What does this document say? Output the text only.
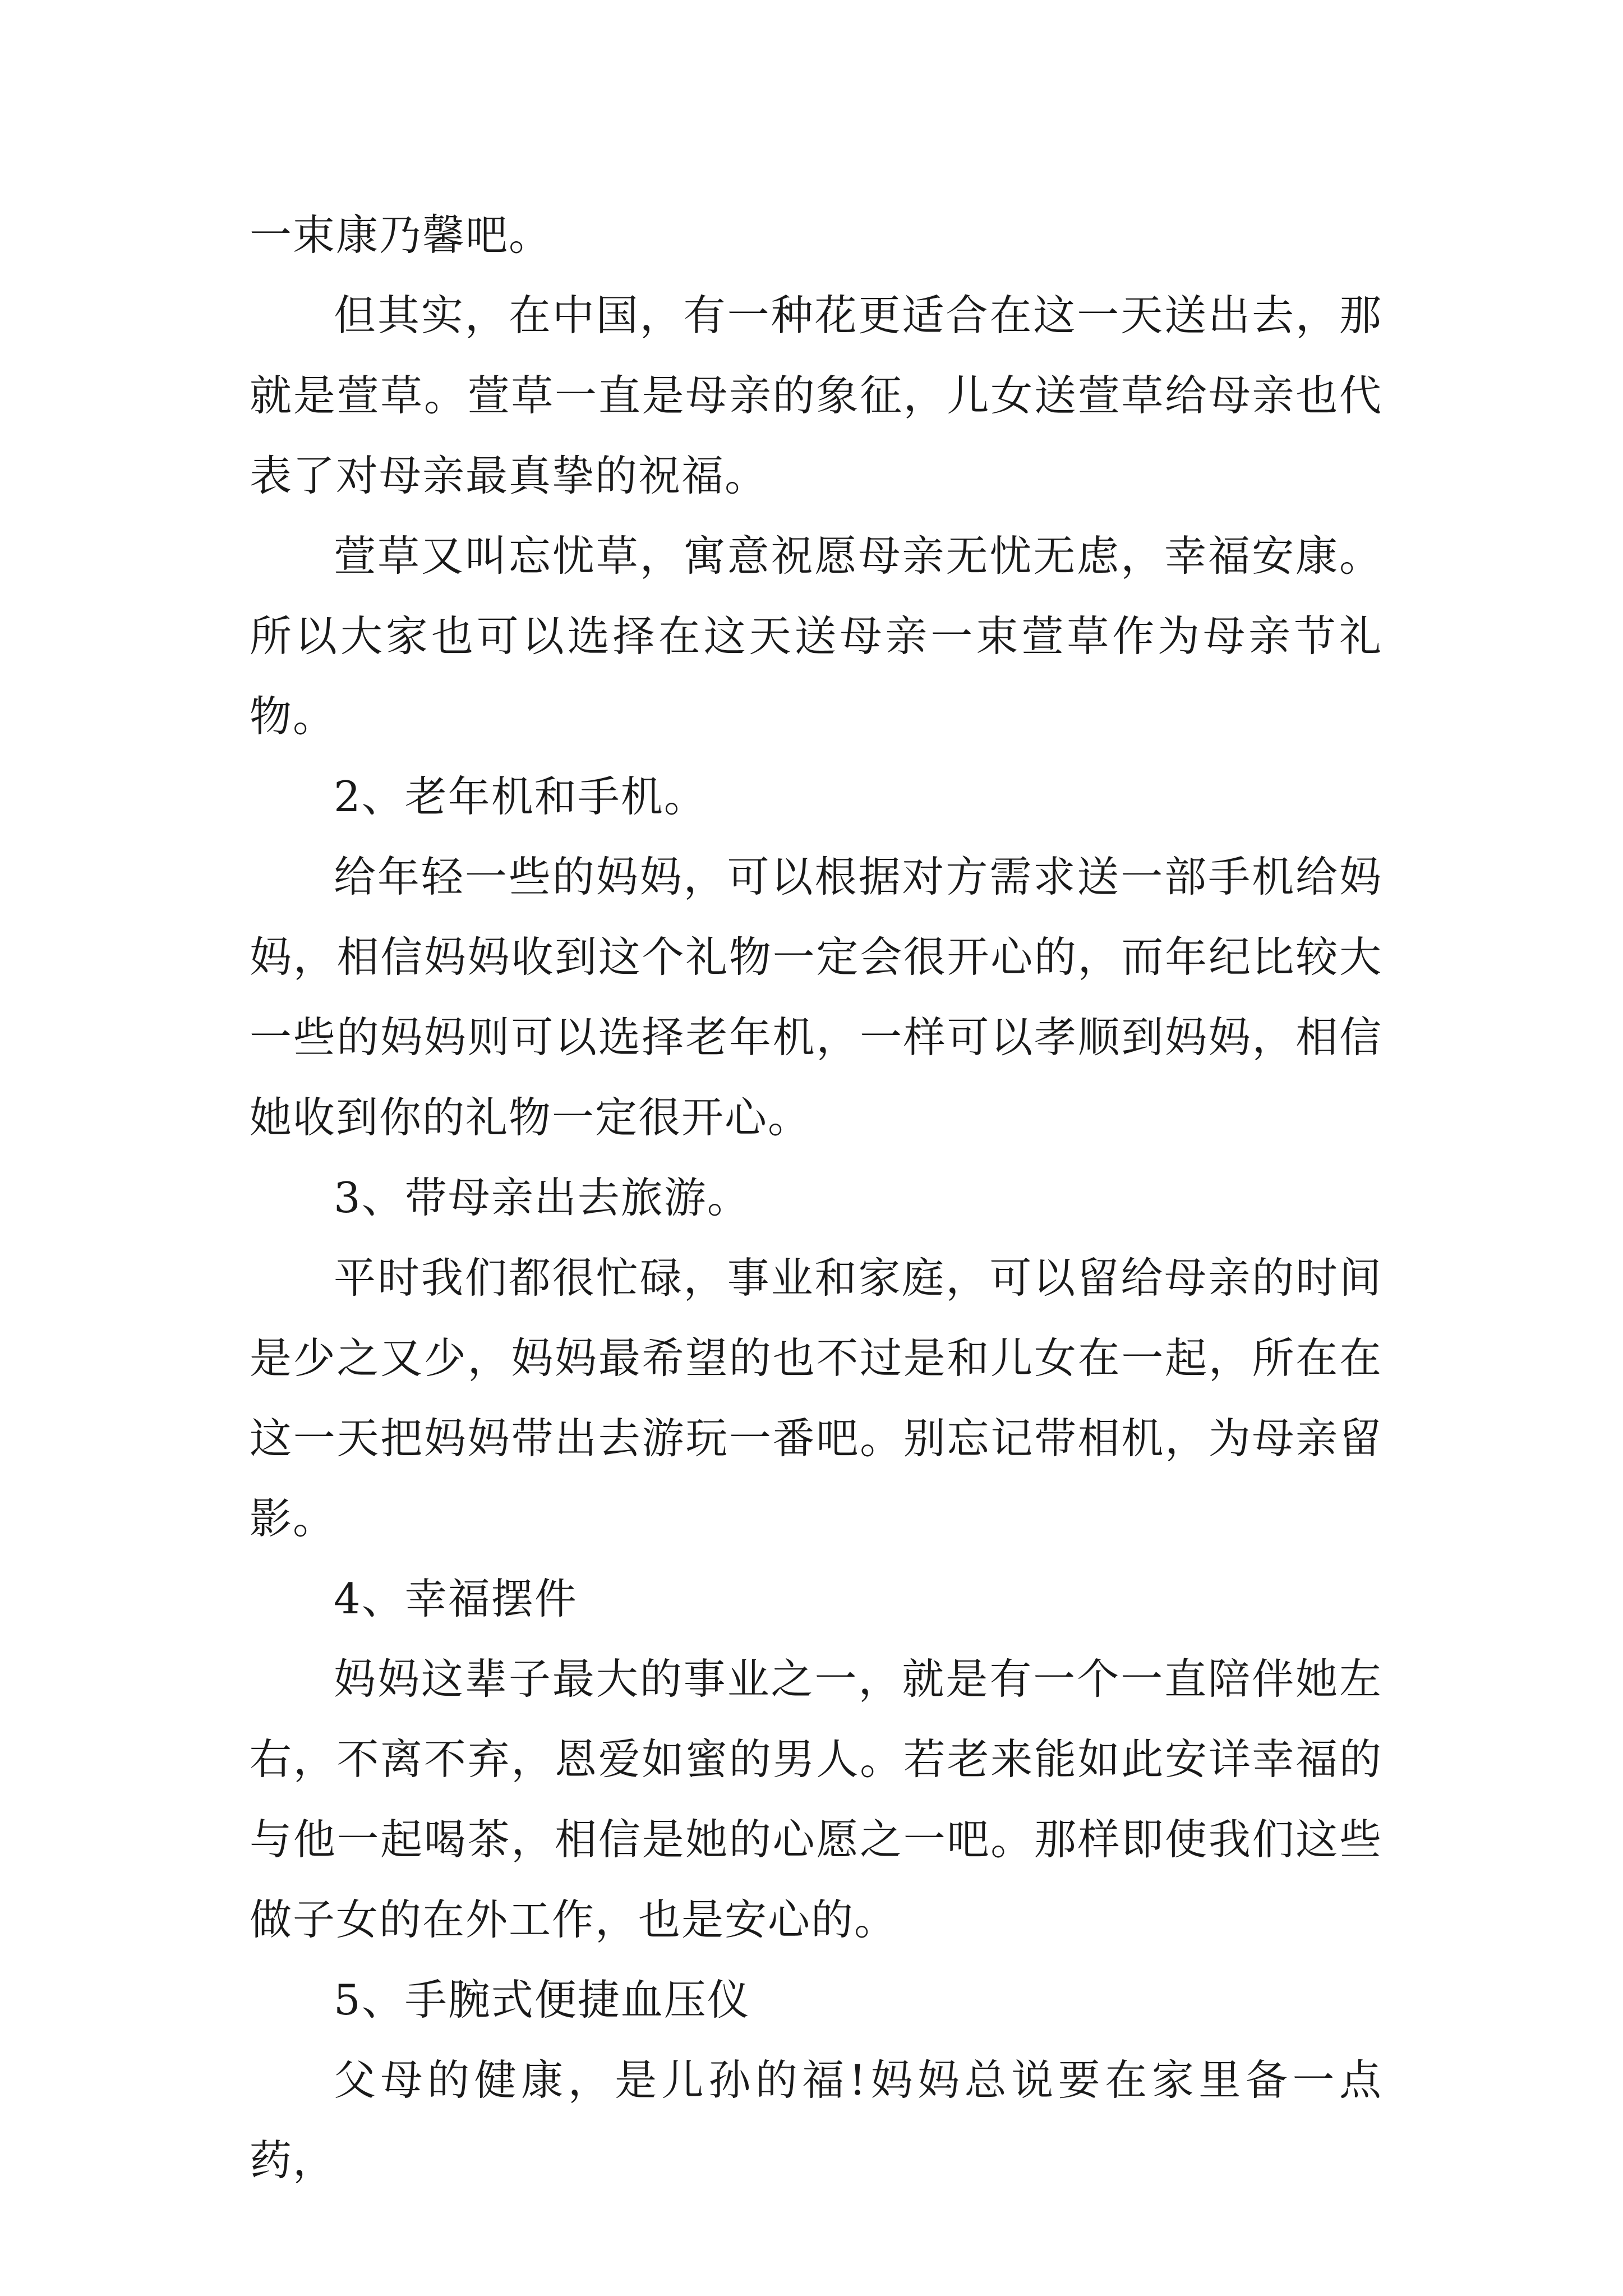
一束康乃馨吧。

但其实，在中国，有一种花更适合在这一天送出去，那就是萱草。萱草一直是母亲的象征，儿女送萱草给母亲也代表了对母亲最真挚的祝福。

萱草又叫忘忧草，寓意祝愿母亲无忧无虑，幸福安康。所以大家也可以选择在这天送母亲一束萱草作为母亲节礼物。

2、老年机和手机。

给年轻一些的妈妈，可以根据对方需求送一部手机给妈妈，相信妈妈收到这个礼物一定会很开心的，而年纪比较大一些的妈妈则可以选择老年机，一样可以孝顺到妈妈，相信她收到你的礼物一定很开心。

3、带母亲出去旅游。

平时我们都很忙碌，事业和家庭，可以留给母亲的时间是少之又少，妈妈最希望的也不过是和儿女在一起，所在在这一天把妈妈带出去游玩一番吧。别忘记带相机，为母亲留影。

4、幸福摆件

妈妈这辈子最大的事业之一，就是有一个一直陪伴她左右，不离不弃，恩爱如蜜的男人。若老来能如此安详幸福的与他一起喝茶，相信是她的心愿之一吧。那样即使我们这些做子女的在外工作，也是安心的。

5、手腕式便捷血压仪

父母的健康，是儿孙的福!妈妈总说要在家里备一点药，
